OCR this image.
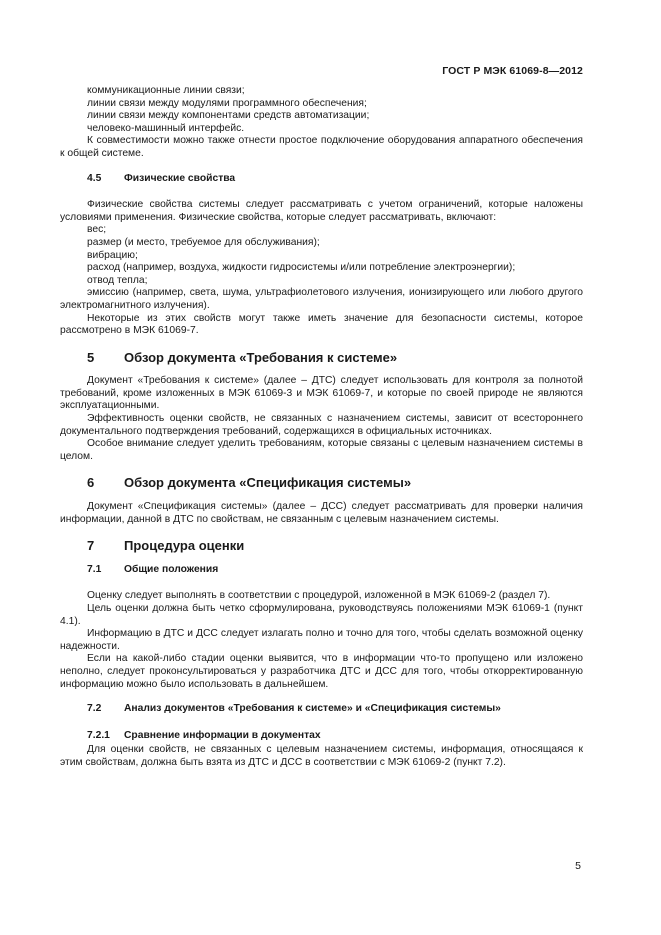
ГОСТ Р МЭК 61069-8—2012

коммуникационные линии связи;

линии связи между модулями программного обеспечения;

линии связи между компонентами средств автоматизации;

человеко-машинный интерфейс.

К совместимости можно также отнести простое подключение оборудования аппаратного обеспечения к общей системе.

4.5	Физические свойства

Физические свойства системы следует рассматривать с учетом ограничений, которые наложены условиями применения. Физические свойства, которые следует рассматривать, включают:

вес;

размер (и место, требуемое для обслуживания);

вибрацию;

расход (например, воздуха, жидкости гидросистемы и/или потребление электроэнергии);

отвод тепла;

эмиссию (например, света, шума, ультрафиолетового излучения, ионизирующего или любого другого электромагнитного излучения).

Некоторые из этих свойств могут также иметь значение для безопасности системы, которое рассмотрено в МЭК 61069-7.

5	Обзор документа «Требования к системе»

Документ «Требования к системе» (далее – ДТС) следует использовать для контроля за полнотой требований, кроме изложенных в МЭК 61069-3 и МЭК 61069-7, и которые по своей природе не являются эксплуатационными.

Эффективность оценки свойств, не связанных с назначением системы, зависит от всестороннего документального подтверждения требований, содержащихся в официальных источниках.

Особое внимание следует уделить требованиям, которые связаны с целевым назначением системы в целом.

6	Обзор документа «Спецификация системы»

Документ «Спецификация системы» (далее – ДСС) следует рассматривать для проверки наличия информации, данной в ДТС по свойствам, не связанным с целевым назначением системы.

7	Процедура оценки
7.1	Общие положения

Оценку следует выполнять в соответствии с процедурой, изложенной в МЭК 61069-2 (раздел 7).

Цель оценки должна быть четко сформулирована, руководствуясь положениями МЭК 61069-1 (пункт 4.1).

Информацию в ДТС и ДСС следует излагать полно и точно для того, чтобы сделать возможной оценку надежности.

Если на какой-либо стадии оценки выявится, что в информации что-то пропущено или изложено неполно, следует проконсультироваться у разработчика ДТС и ДСС для того, чтобы откорректированную информацию можно было использовать в дальнейшем.

7.2	Анализ документов «Требования к системе» и «Спецификация системы»
7.2.1	Сравнение информации в документах

Для оценки свойств, не связанных с целевым назначением системы, информация, относящаяся к этим свойствам, должна быть взята из ДТС и ДСС в соответствии с МЭК 61069-2 (пункт 7.2).

5
